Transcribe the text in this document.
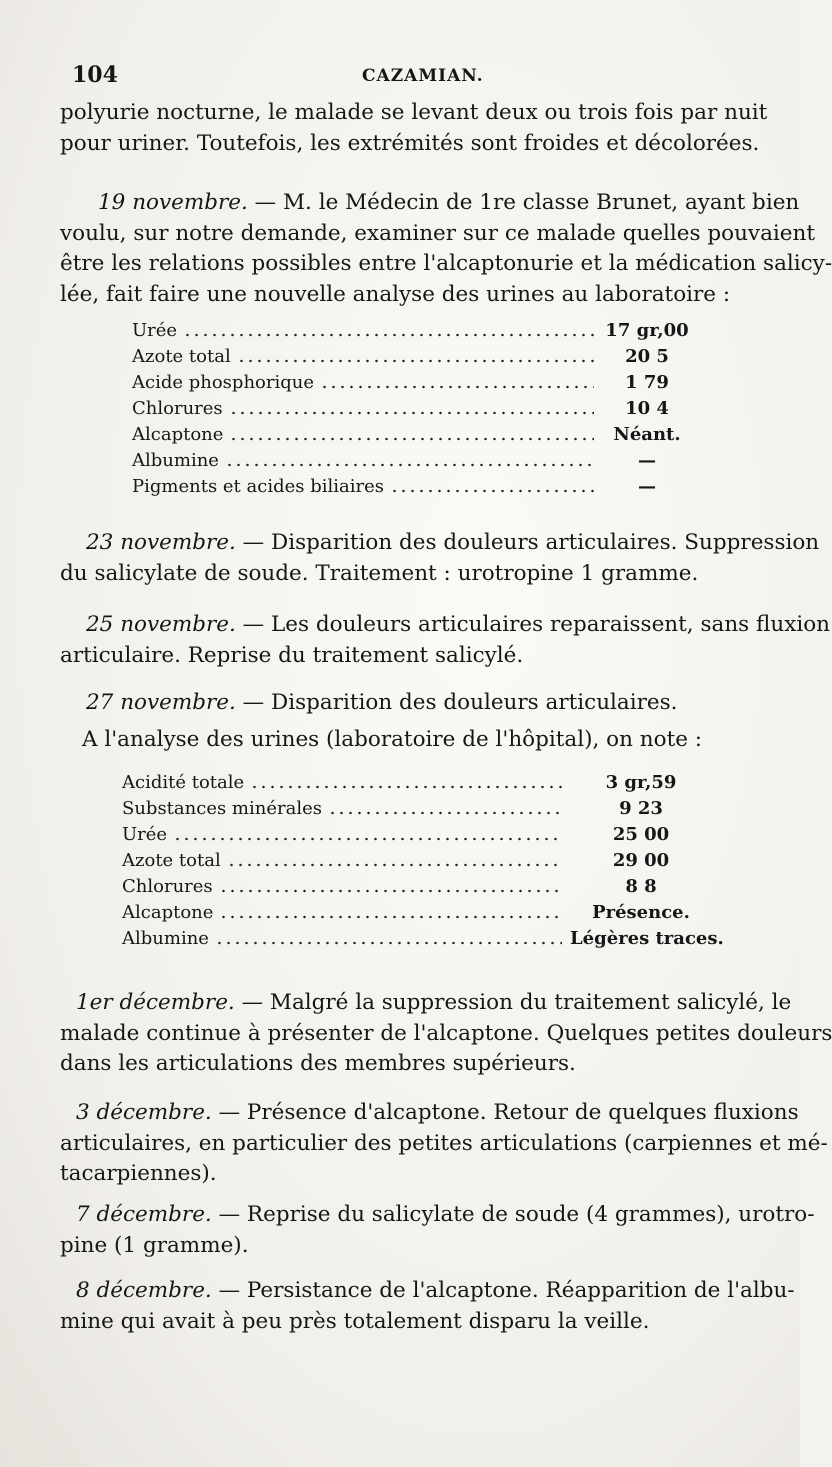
104	CAZAMIAN.
polyurie nocturne, le malade se levant deux ou trois fois par nuit
pour uriner. Toutefois, les extrémités sont froides et décolorées.
19 novembre. — M. le Médecin de 1re classe Brunet, ayant bien
voulu, sur notre demande, examiner sur ce malade quelles pouvaient
être les relations possibles entre l'alcaptonurie et la médication salicy-
lée, fait faire une nouvelle analyse des urines au laboratoire :
Urée	17 gr,00
Azote total	20 5
Acide phosphorique	1 79
Chlorures	10 4
Alcaptone	Néant.
Albumine	—
Pigments et acides biliaires	—
23 novembre. — Disparition des douleurs articulaires. Suppression
du salicylate de soude. Traitement : urotropine 1 gramme.
25 novembre. — Les douleurs articulaires reparaissent, sans fluxion
articulaire. Reprise du traitement salicylé.
27 novembre. — Disparition des douleurs articulaires.
A l'analyse des urines (laboratoire de l'hôpital), on note :
Acidité totale	3 gr,59
Substances minérales	9 23
Urée	25 00
Azote total	29 00
Chlorures	8 8
Alcaptone	Présence.
Albumine	Légères traces.
1er décembre. — Malgré la suppression du traitement salicylé, le
malade continue à présenter de l'alcaptone. Quelques petites douleurs
dans les articulations des membres supérieurs.
3 décembre. — Présence d'alcaptone. Retour de quelques fluxions
articulaires, en particulier des petites articulations (carpiennes et mé-
tacarpiennes).
7 décembre. — Reprise du salicylate de soude (4 grammes), urotro-
pine (1 gramme).
8 décembre. — Persistance de l'alcaptone. Réapparition de l'albu-
mine qui avait à peu près totalement disparu la veille.
